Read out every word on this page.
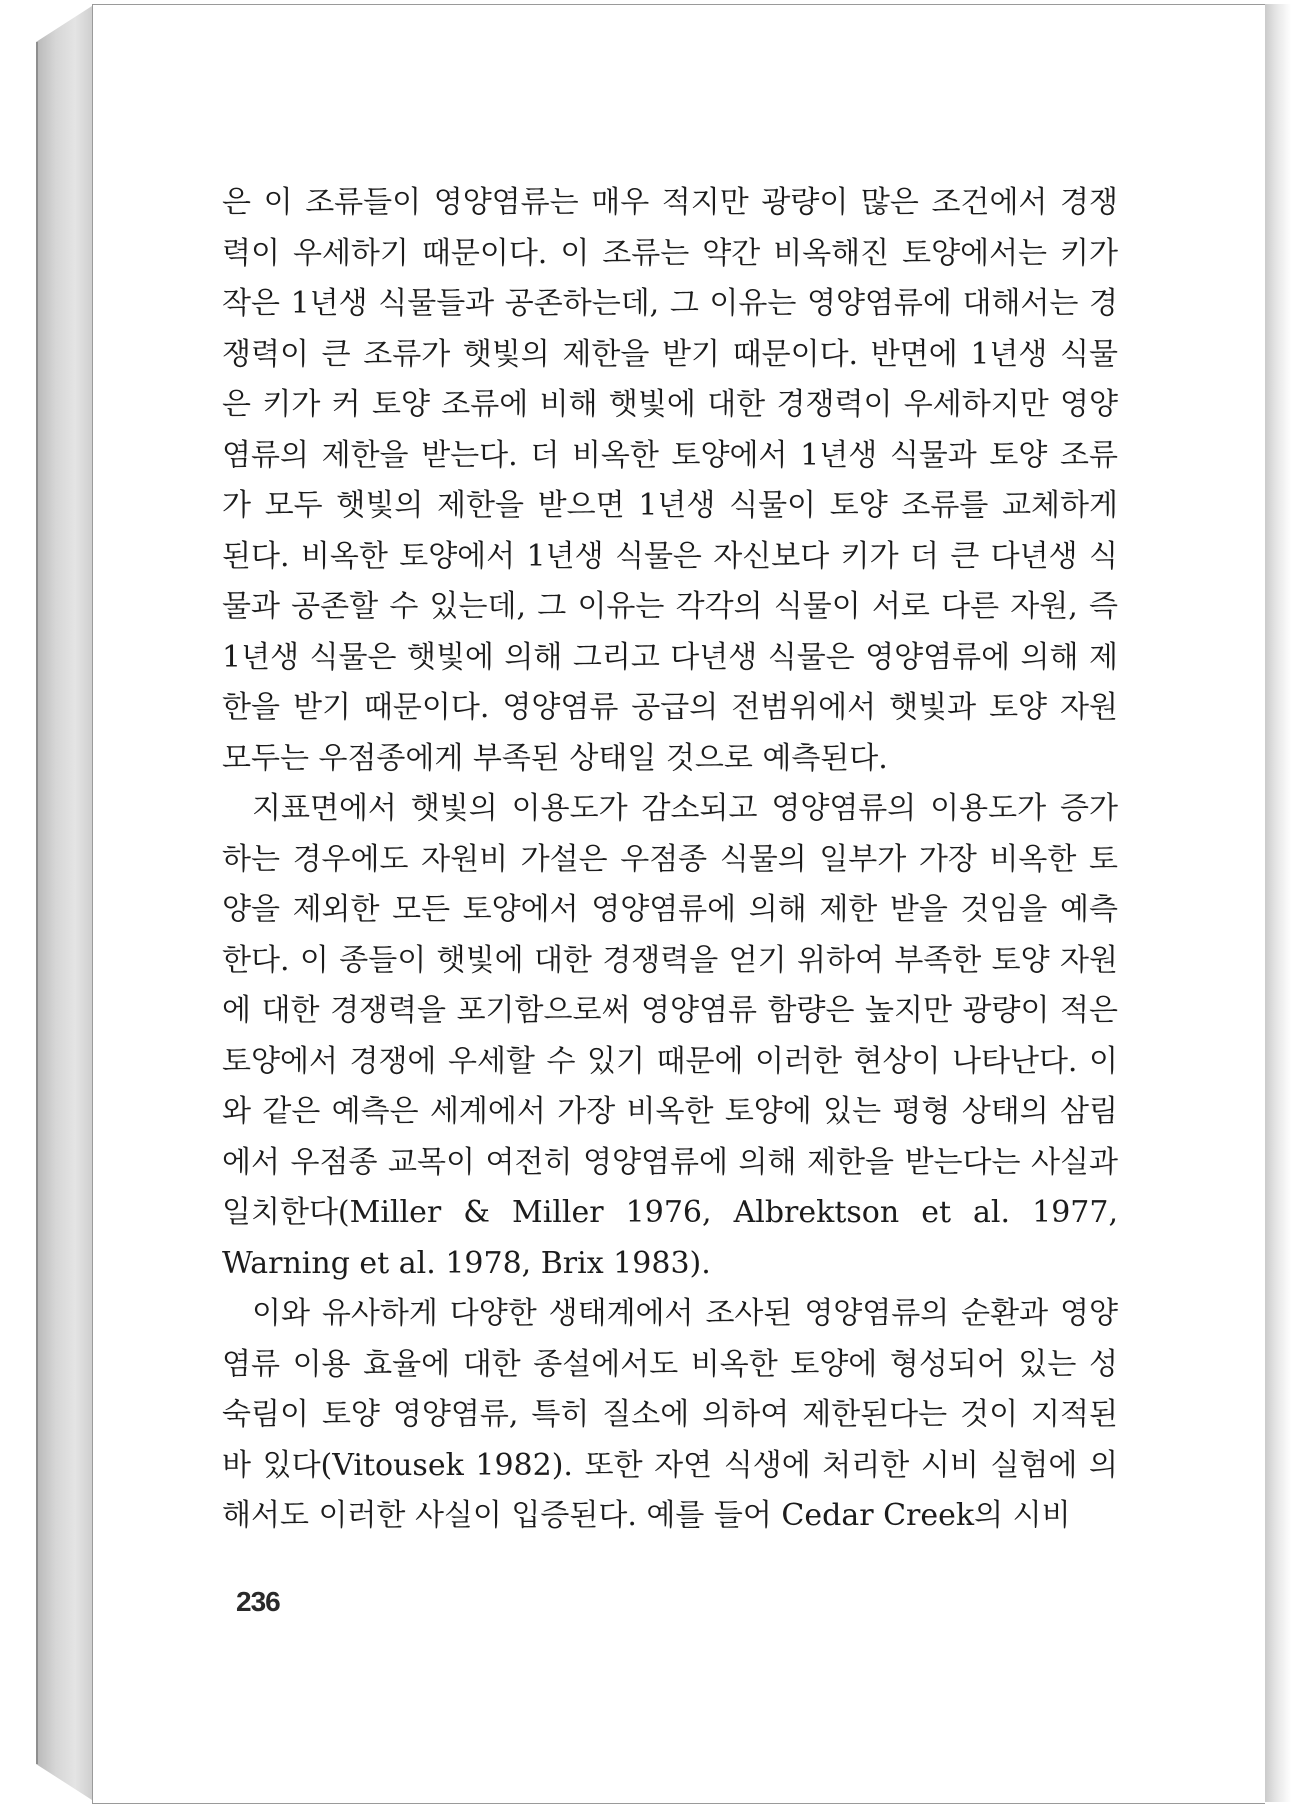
은 이 조류들이 영양염류는 매우 적지만 광량이 많은 조건에서 경쟁력이 우세하기 때문이다. 이 조류는 약간 비옥해진 토양에서는 키가 작은 1년생 식물들과 공존하는데, 그 이유는 영양염류에 대해서는 경쟁력이 큰 조류가 햇빛의 제한을 받기 때문이다. 반면에 1년생 식물은 키가 커 토양 조류에 비해 햇빛에 대한 경쟁력이 우세하지만 영양염류의 제한을 받는다. 더 비옥한 토양에서 1년생 식물과 토양 조류가 모두 햇빛의 제한을 받으면 1년생 식물이 토양 조류를 교체하게 된다. 비옥한 토양에서 1년생 식물은 자신보다 키가 더 큰 다년생 식물과 공존할 수 있는데, 그 이유는 각각의 식물이 서로 다른 자원, 즉 1년생 식물은 햇빛에 의해 그리고 다년생 식물은 영양염류에 의해 제한을 받기 때문이다. 영양염류 공급의 전범위에서 햇빛과 토양 자원 모두는 우점종에게 부족된 상태일 것으로 예측된다.

지표면에서 햇빛의 이용도가 감소되고 영양염류의 이용도가 증가하는 경우에도 자원비 가설은 우점종 식물의 일부가 가장 비옥한 토양을 제외한 모든 토양에서 영양염류에 의해 제한 받을 것임을 예측한다. 이 종들이 햇빛에 대한 경쟁력을 얻기 위하여 부족한 토양 자원에 대한 경쟁력을 포기함으로써 영양염류 함량은 높지만 광량이 적은 토양에서 경쟁에 우세할 수 있기 때문에 이러한 현상이 나타난다. 이와 같은 예측은 세계에서 가장 비옥한 토양에 있는 평형 상태의 삼림에서 우점종 교목이 여전히 영양염류에 의해 제한을 받는다는 사실과 일치한다(Miller & Miller 1976, Albrektson et al. 1977, Warning et al. 1978, Brix 1983).

이와 유사하게 다양한 생태계에서 조사된 영양염류의 순환과 영양염류 이용 효율에 대한 종설에서도 비옥한 토양에 형성되어 있는 성숙림이 토양 영양염류, 특히 질소에 의하여 제한된다는 것이 지적된 바 있다(Vitousek 1982). 또한 자연 식생에 처리한 시비 실험에 의해서도 이러한 사실이 입증된다. 예를 들어 Cedar Creek의 시비

236
